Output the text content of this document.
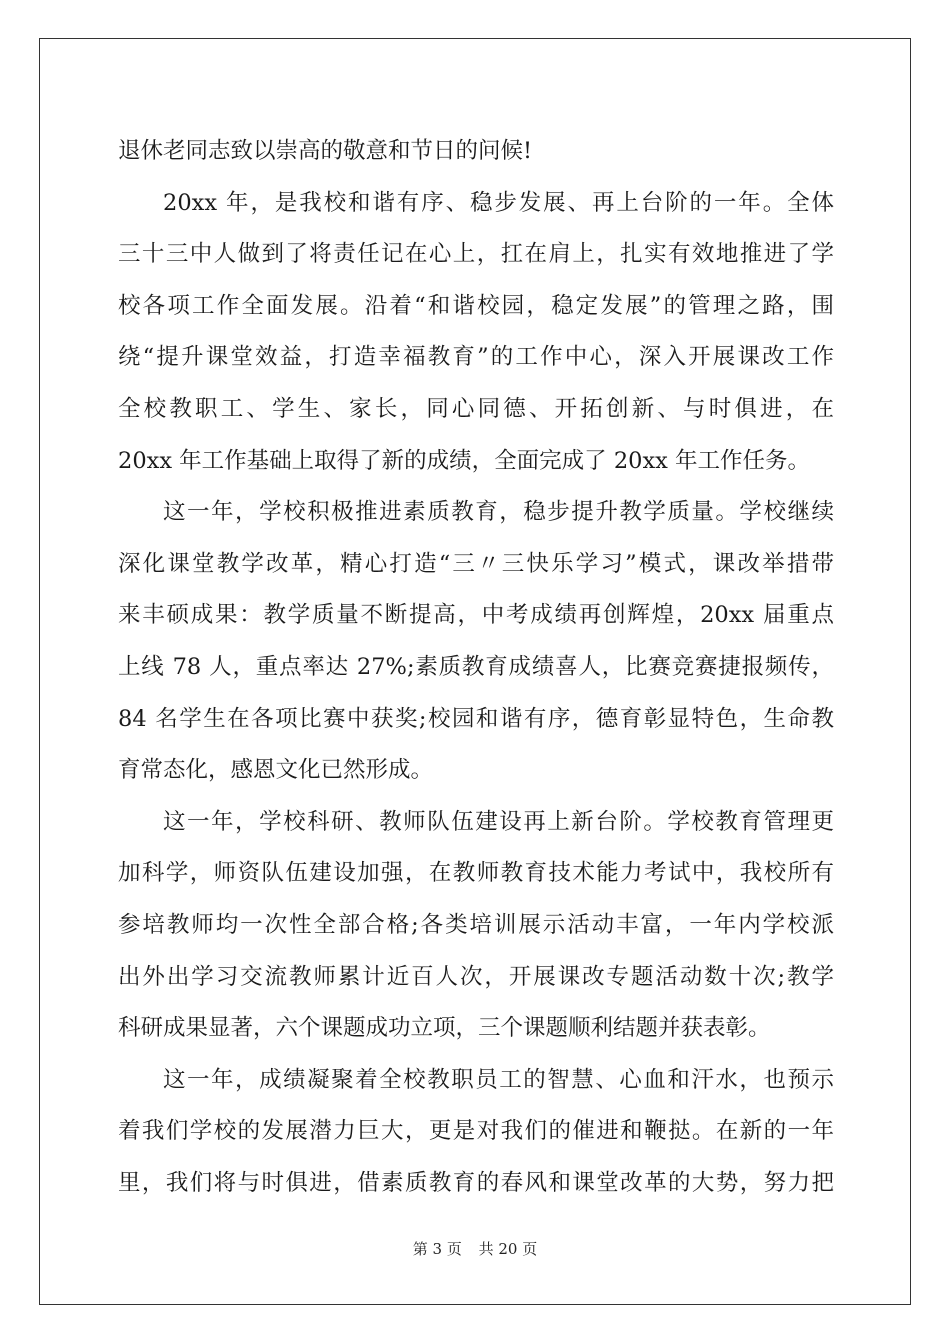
退休老同志致以崇高的敬意和节日的问候!
20xx 年，是我校和谐有序、稳步发展、再上台阶的一年。全体
三十三中人做到了将责任记在心上，扛在肩上，扎实有效地推进了学
校各项工作全面发展。沿着“和谐校园，稳定发展”的管理之路，围
绕“提升课堂效益，打造幸福教育”的工作中心，深入开展课改工作
全校教职工、学生、家长，同心同德、开拓创新、与时俱进，在
20xx 年工作基础上取得了新的成绩，全面完成了 20xx 年工作任务。
这一年，学校积极推进素质教育，稳步提升教学质量。学校继续
深化课堂教学改革，精心打造“三〃三快乐学习”模式，课改举措带
来丰硕成果：教学质量不断提高，中考成绩再创辉煌，20xx 届重点
上线 78 人，重点率达 27%;素质教育成绩喜人，比赛竞赛捷报频传，
84 名学生在各项比赛中获奖;校园和谐有序，德育彰显特色，生命教
育常态化，感恩文化已然形成。
这一年，学校科研、教师队伍建设再上新台阶。学校教育管理更
加科学，师资队伍建设加强，在教师教育技术能力考试中，我校所有
参培教师均一次性全部合格;各类培训展示活动丰富，一年内学校派
出外出学习交流教师累计近百人次，开展课改专题活动数十次;教学
科研成果显著，六个课题成功立项，三个课题顺利结题并获表彰。
这一年，成绩凝聚着全校教职员工的智慧、心血和汗水，也预示
着我们学校的发展潜力巨大，更是对我们的催进和鞭挞。在新的一年
里，我们将与时俱进，借素质教育的春风和课堂改革的大势，努力把
第 3 页 共 20 页
